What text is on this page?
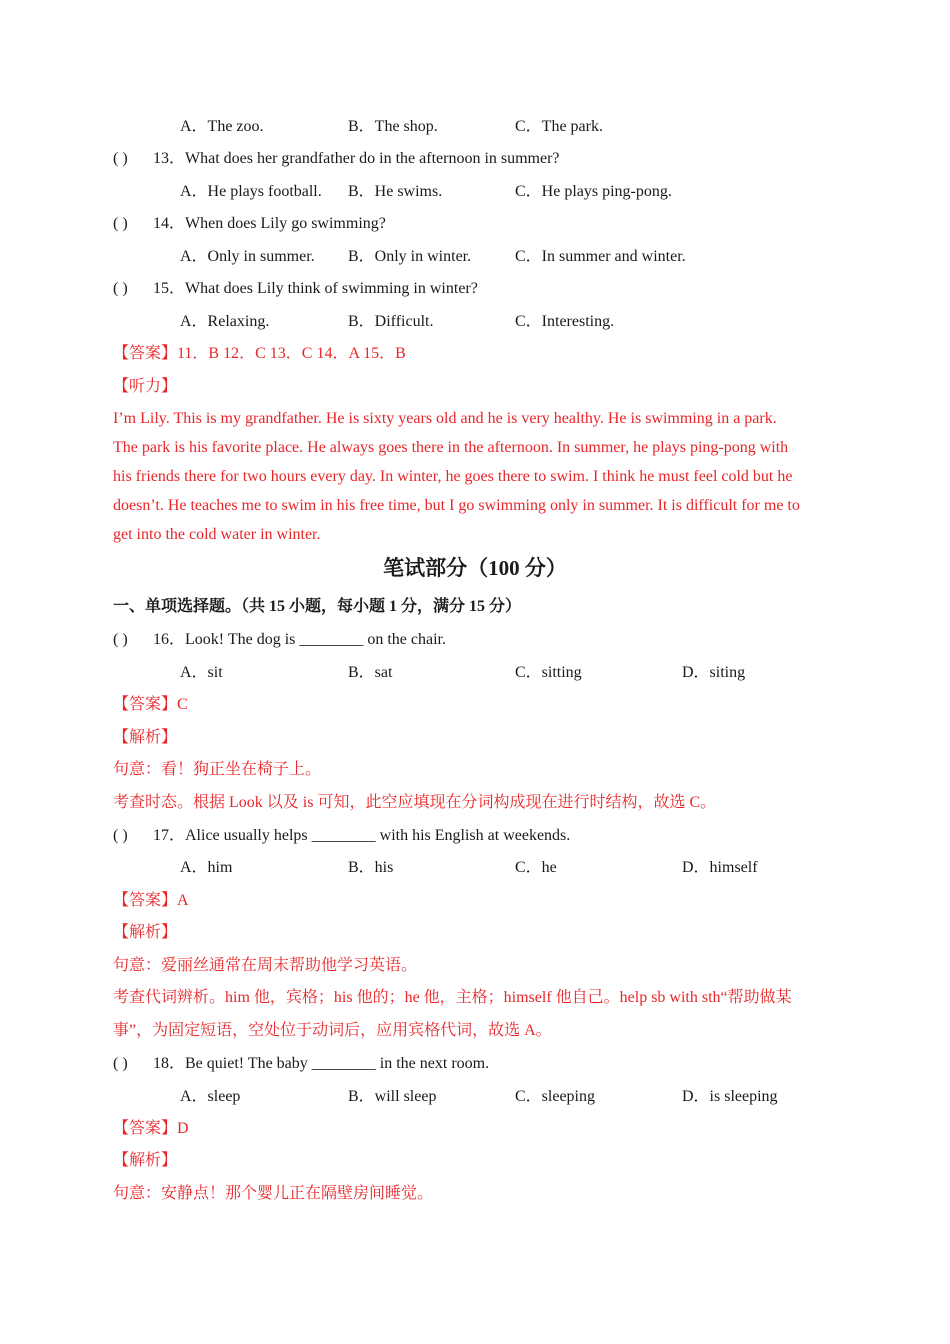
A．The zoo.	B．The shop.	C．The park.
( ) 13．What does her grandfather do in the afternoon in summer?
A．He plays football. B．He swims.	C．He plays ping-pong.
( ) 14．When does Lily go swimming?
A．Only in summer. B．Only in winter.	C．In summer and winter.
( ) 15．What does Lily think of swimming in winter?
A．Relaxing.	B．Difficult.	C．Interesting.
【答案】11．B 12．C 13．C 14．A 15．B
【听力】
I’m Lily. This is my grandfather. He is sixty years old and he is very healthy. He is swimming in a park.
The park is his favorite place. He always goes there in the afternoon. In summer, he plays ping-pong with
his friends there for two hours every day. In winter, he goes there to swim. I think he must feel cold but he
doesn’t. He teaches me to swim in his free time, but I go swimming only in summer. It is difficult for me to
get into the cold water in winter.
笔试部分（100 分）
一、单项选择题。（共 15 小题，每小题 1 分，满分 15 分）
( ) 16．Look! The dog is ________ on the chair.
A．sit	B．sat	C．sitting	D．siting
【答案】C
【解析】
句意：看！狗正坐在椅子上。
考查时态。根据 Look 以及 is 可知，此空应填现在分词构成现在进行时结构，故选 C。
( ) 17．Alice usually helps ________ with his English at weekends.
A．him	B．his	C．he	D．himself
【答案】A
【解析】
句意：爱丽丝通常在周末帮助他学习英语。
考查代词辨析。him 他，宾格；his 他的；he 他，主格；himself 他自己。help sb with sth“帮助做某
事”，为固定短语，空处位于动词后，应用宾格代词，故选 A。
( ) 18．Be quiet! The baby ________ in the next room.
A．sleep	B．will sleep	C．sleeping	D．is sleeping
【答案】D
【解析】
句意：安静点！那个婴儿正在隔壁房间睡觉。
